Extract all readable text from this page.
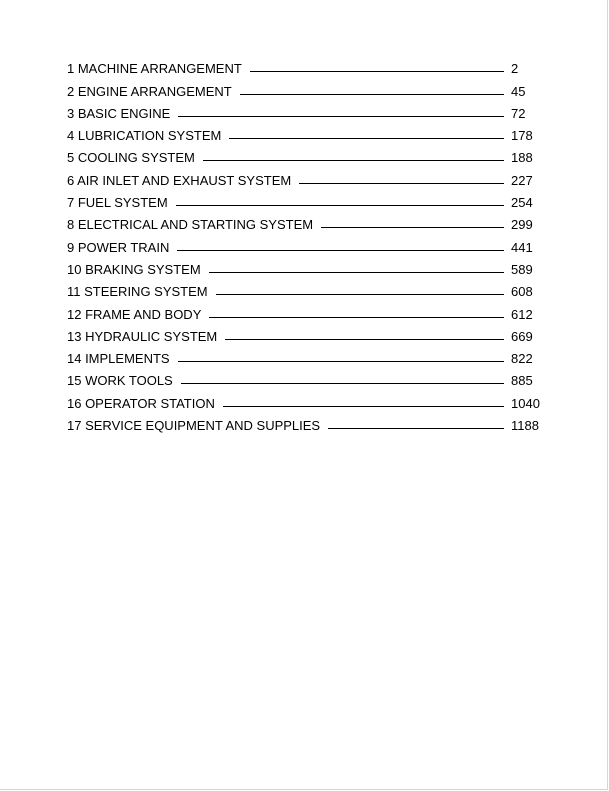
1 MACHINE ARRANGEMENT	2
2 ENGINE ARRANGEMENT	45
3 BASIC ENGINE	72
4 LUBRICATION SYSTEM	178
5 COOLING SYSTEM	188
6 AIR INLET AND EXHAUST SYSTEM	227
7 FUEL SYSTEM	254
8 ELECTRICAL AND STARTING SYSTEM	299
9 POWER TRAIN	441
10 BRAKING SYSTEM	589
11 STEERING SYSTEM	608
12 FRAME AND BODY	612
13 HYDRAULIC SYSTEM	669
14 IMPLEMENTS	822
15 WORK TOOLS	885
16 OPERATOR STATION	1040
17 SERVICE EQUIPMENT AND SUPPLIES	1188
